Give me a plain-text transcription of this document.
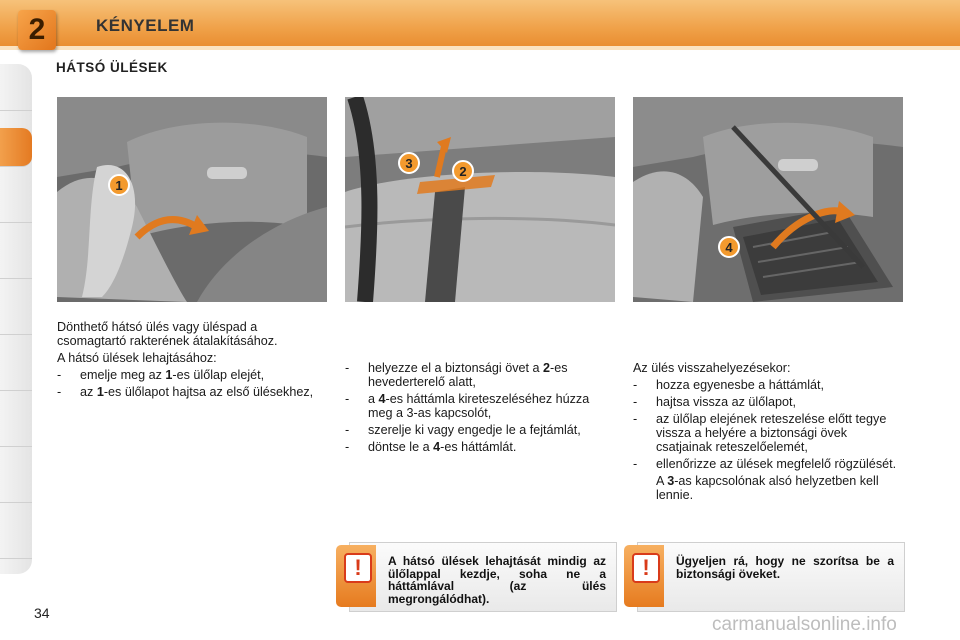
2	KÉNYELEM
HÁTSÓ ÜLÉSEK
1
3
2
4

Dönthető hátsó ülés vagy üléspad a csomagtartó rakterének átalakításához.

A hátsó ülések lehajtásához:

- emelje meg az 1-es ülőlap elejét,
- az 1-es ülőlapot hajtsa az első ülésekhez,
- helyezze el a biztonsági övet a 2-es hevederterelő alatt,
- a 4-es háttámla kireteszeléséhez húzza meg a 3-as kapcsolót,
- szerelje ki vagy engedje le a fejtámlát,
- döntse le a 4-es háttámlát.

Az ülés visszahelyezésekor:

- hozza egyenesbe a háttámlát,
- hajtsa vissza az ülőlapot,
- az ülőlap elejének reteszelése előtt tegye vissza a helyére a biztonsági övek csatjainak reteszelőelemét,
- ellenőrizze az ülések megfelelő rögzülését.
A 3-as kapcsolónak alsó helyzetben kell lennie.
!	A hátsó ülések lehajtását mindig az ülőlappal kezdje, soha ne a háttámlával (az ülés megrongálódhat).
!	Ügyeljen rá, hogy ne szorítsa be a biztonsági öveket.
34
carmanualsonline.info
